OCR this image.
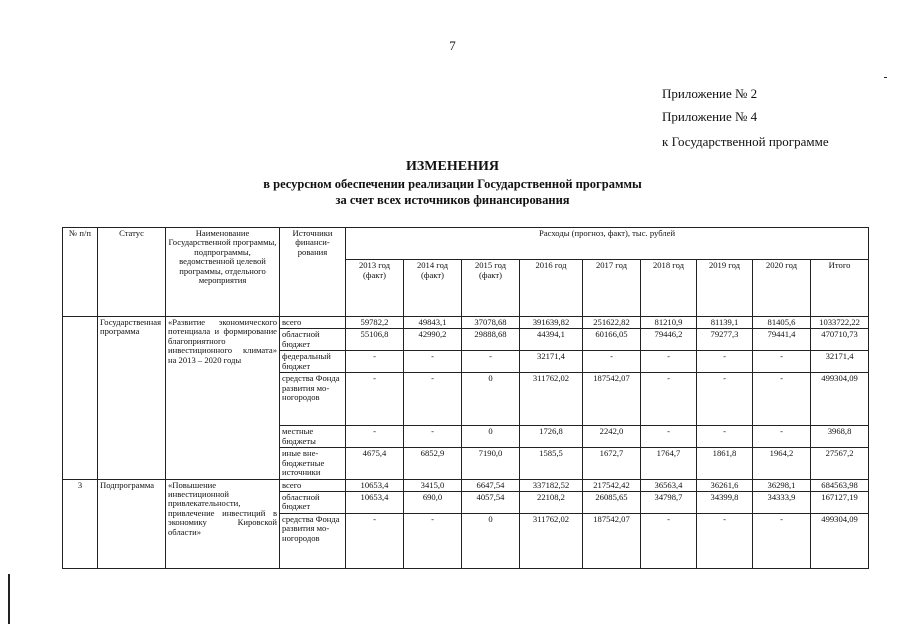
7
Приложение № 2
Приложение № 4
к Государственной программе
ИЗМЕНЕНИЯ
в ресурсном обеспечении реализации Государственной программы
за счет всех источников финансирования
№ п/п	Статус	Наименование Государственной программы, подпрограммы, ведомственной целевой программы, отдельного мероприятия	Источники финансирования	Расходы (прогноз, факт), тыс. рублей								
				2013 год (факт)	2014 год (факт)	2015 год (факт)	2016 год	2017 год	2018 год	2019 год	2020 год	Итого
	Государственная программа	«Развитие экономического потенциала и формирование благоприятного инвестиционного климата» на 2013 – 2020 годы	всего	59782,2	49843,1	37078,68	391639,82	251622,82	81210,9	81139,1	81405,6	1033722,22
			областной бюджет	55106,8	42990,2	29888,68	44394,1	60166,05	79446,2	79277,3	79441,4	470710,73
			федеральный бюджет	-	-	-	32171,4	-	-	-	-	32171,4
			средства Фонда развития моногородов	-	-	0	311762,02	187542,07	-	-	-	499304,09
			местные бюджеты	-	-	0	1726,8	2242,0	-	-	-	3968,8
			иные внебюджетные источники	4675,4	6852,9	7190,0	1585,5	1672,7	1764,7	1861,8	1964,2	27567,2
3	Подпрограмма	«Повышение инвестиционной привлекательности, привлечение инвестиций в экономику Кировской области»	всего	10653,4	3415,0	6647,54	337182,52	217542,42	36563,4	36261,6	36298,1	684563,98
			областной бюджет	10653,4	690,0	4057,54	22108,2	26085,65	34798,7	34399,8	34333,9	167127,19
			средства Фонда развития моногородов	-	-	0	311762,02	187542,07	-	-	-	499304,09
